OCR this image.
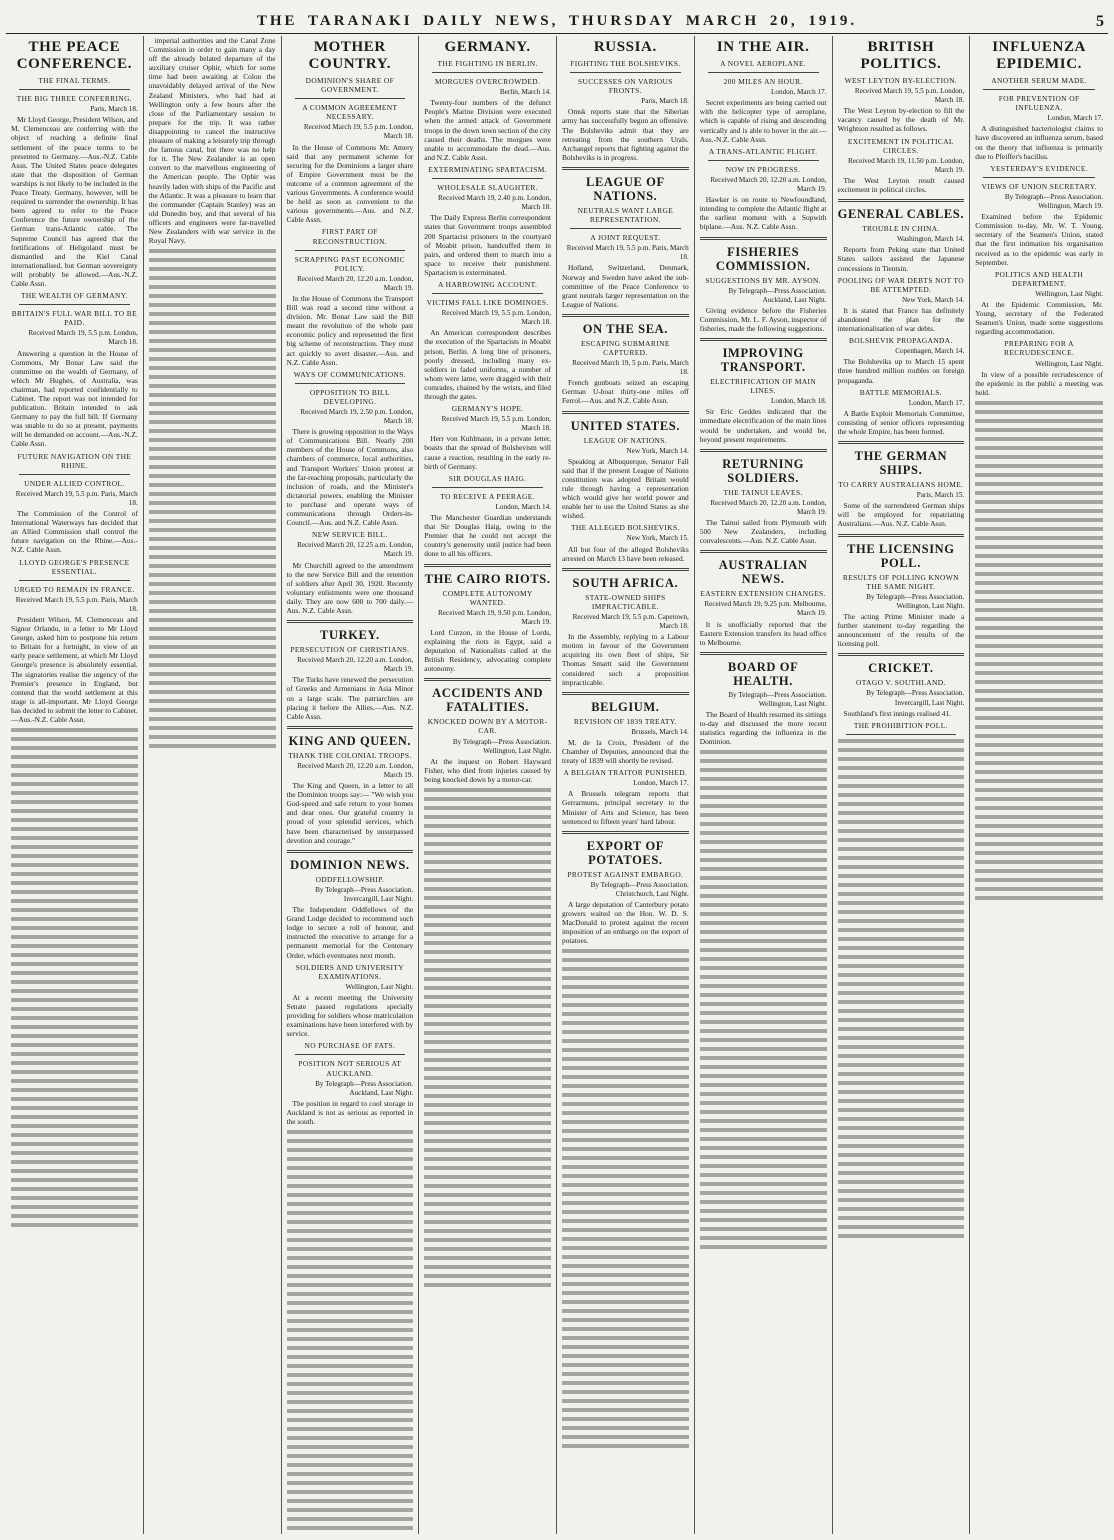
THE TARANAKI DAILY NEWS, THURSDAY MARCH 20, 1919.	5
THE PEACE CONFERENCE.
THE FINAL TERMS.
THE BIG THREE CONFERRING.
Paris, March 18.
Mr Lloyd George, President Wilson, and M. Clemenceau are conferring with the object of reaching a definite final settlement of the peace terms to be presented to Germany.—Aus.-N.Z. Cable Assn. The United States peace delegates state that the disposition of German warships is not likely to be included in the Peace Treaty. Germany, however, will be required to surrender the ownership. It has been agreed to refer to the Peace Conference the future ownership of the German trans-Atlantic cable. The Supreme Council has agreed that the fortifications of Heligoland must be dismantled and the Kiel Canal internationalised, but German sovereignty will probably be allowed.—Aus.-N.Z. Cable Assn.
THE WEALTH OF GERMANY.
BRITAIN'S FULL WAR BILL TO BE PAID.
Received March 19, 5.5 p.m. London, March 18.
Answering a question in the House of Commons, Mr Bonar Law said the committee on the wealth of Germany, of which Mr Hughes, of Australia, was chairman, had reported confidentially to Cabinet. The report was not intended for publication. Britain intended to ask Germany to pay the full bill. If Germany was unable to do so at present, payments will be demanded on account.—Aus.-N.Z. Cable Assn.
FUTURE NAVIGATION ON THE RHINE.
UNDER ALLIED CONTROL.
Received March 19, 5.5 p.m. Paris, March 18.
The Commission of the Control of International Waterways has decided that an Allied Commission shall control the future navigation on the Rhine.—Aus.-N.Z. Cable Assn.
LLOYD GEORGE'S PRESENCE ESSENTIAL.
URGED TO REMAIN IN FRANCE.
Received March 19, 5.5 p.m. Paris, March 18.
President Wilson, M. Clemenceau and Signor Orlando, in a letter to Mr Lloyd George, asked him to postpone his return to Britain for a fortnight, in view of an early peace settlement, at which Mr Lloyd George's presence is absolutely essential. The signatories realise the urgency of the Premier's presence in England, but contend that the world settlement at this stage is all-important. Mr Lloyd George has decided to submit the letter to Cabinet.—Aus.-N.Z. Cable Assn.
imperial authorities and the Canal Zone Commission in order to gain many a day off the already belated departure of the auxiliary cruiser Ophir, which for some time had been awaiting at Colon the unavoidably delayed arrival of the New Zealand Ministers, who had had at Wellington only a few hours after the close of the Parliamentary session to prepare for the trip. It was rather disappointing to cancel the instructive pleasure of making a leisurely trip through the famous canal, but there was no help for it. The New Zealander is an open convert to the marvellous engineering of the American people. The Ophir was heavily laden with ships of the Pacific and the Atlantic. It was a pleasure to learn that the commander (Captain Stanley) was an old Dunedin boy, and that several of his officers and engineers were far-travelled New Zealanders with war service in the Royal Navy.
MOTHER COUNTRY.
DOMINION'S SHARE OF GOVERNMENT.
A COMMON AGREEMENT NECESSARY.
Received March 19, 5.5 p.m. London, March 18.
In the House of Commons Mr. Amery said that any permanent scheme for securing for the Dominions a larger share of Empire Government must be the outcome of a common agreement of the various Governments. A conference would be held as soon as convenient to the various governments.—Aus. and N.Z. Cable Assn.
FIRST PART OF RECONSTRUCTION.
SCRAPPING PAST ECONOMIC POLICY.
Received March 20, 12.20 a.m. London, March 19.
In the House of Commons the Transport Bill was read a second time without a division. Mr. Bonar Law said the Bill meant the revolution of the whole past economic policy and represented the first big scheme of reconstruction. They must act quickly to avert disaster.—Aus. and N.Z. Cable Assn.
WAYS OF COMMUNICATIONS.
OPPOSITION TO BILL DEVELOPING.
Received March 19, 2.50 p.m. London, March 18.
There is growing opposition to the Ways of Communications Bill. Nearly 200 members of the House of Commons, also chambers of commerce, local authorities, and Transport Workers' Union protest at the far-reaching proposals, particularly the inclusion of roads, and the Minister's dictatorial powers, enabling the Minister to purchase and operate ways of communications through Orders-in-Council.—Aus. and N.Z. Cable Assn.
NEW SERVICE BILL.
Received March 20, 12.25 a.m. London, March 19.
Mr Churchill agreed to the amendment to the new Service Bill and the retention of soldiers after April 30, 1920. Recently voluntary enlistments were one thousand daily. They are now 600 to 700 daily.—Aus. N.Z. Cable Assn.
TURKEY.
PERSECUTION OF CHRISTIANS.
Received March 20, 12.20 a.m. London, March 19.
The Turks have renewed the persecution of Greeks and Armenians in Asia Minor on a large scale. The patriarchies are placing it before the Allies.—Aus. N.Z. Cable Assn.
KING AND QUEEN.
THANK THE COLONIAL TROOPS.
Received March 20, 12.20 a.m. London, March 19.
The King and Queen, in a letter to all the Dominion troops say:— "We wish you God-speed and safe return to your homes and dear ones. Our grateful country is proud of your splendid services, which have been characterised by unsurpassed devotion and courage."
DOMINION NEWS.
ODDFELLOWSHIP.
By Telegraph—Press Association. Invercargill, Last Night.
The Independent Oddfellows of the Grand Lodge decided to recommend such lodge to secure a roll of honour, and instructed the executive to arrange for a permanent memorial for the Centenary Order, which eventuates next month.
SOLDIERS AND UNIVERSITY EXAMINATIONS.
Wellington, Last Night.
At a recent meeting the University Senate passed regulations specially providing for soldiers whose matriculation examinations have been interfered with by service.
NO PURCHASE OF FATS.
POSITION NOT SERIOUS AT AUCKLAND.
By Telegraph—Press Association. Auckland, Last Night.
The position in regard to cool storage in Auckland is not as serious as reported in the south.
GERMANY.
THE FIGHTING IN BERLIN.
MORGUES OVERCROWDED.
Berlin, March 14.
Twenty-four numbers of the defunct People's Marine Division were executed when the armed attack of Government troops in the down town section of the city caused their deaths. The morgues were unable to accommodate the dead.—Aus. and N.Z. Cable Assn.
EXTERMINATING SPARTACISM.
WHOLESALE SLAUGHTER.
Received March 19, 2.40 p.m. London, March 18.
The Daily Express Berlin correspondent states that Government troops assembled 200 Spartacist prisoners in the courtyard of Moabit prison, handcuffed them in pairs, and ordered them to march into a space to receive their punishment. Spartacism is exterminated.
A HARROWING ACCOUNT.
VICTIMS FALL LIKE DOMINOES.
Received March 19, 5.5 p.m. London, March 18.
An American correspondent describes the execution of the Spartacists in Moabit prison, Berlin. A long line of prisoners, poorly dressed, including many ex-soldiers in faded uniforms, a number of whom were lame, were dragged with their comrades, chained by the wrists, and filed through the gates.
GERMANY'S HOPE.
Received March 19, 5.5 p.m. London, March 18.
Herr von Kuhlmann, in a private letter, boasts that the spread of Bolshevism will cause a reaction, resulting in the early re-birth of Germany.
SIR DOUGLAS HAIG.
TO RECEIVE A PEERAGE.
London, March 14.
The Manchester Guardian understands that Sir Douglas Haig, owing to the Premier that he could not accept the country's generosity until justice had been done to all his officers.
THE CAIRO RIOTS.
COMPLETE AUTONOMY WANTED.
Received March 19, 9.50 p.m. London, March 19.
Lord Curzon, in the House of Lords, explaining the riots in Egypt, said a deputation of Nationalists called at the British Residency, advocating complete autonomy.
ACCIDENTS AND FATALITIES.
KNOCKED DOWN BY A MOTOR-CAR.
By Telegraph—Press Association. Wellington, Last Night.
At the inquest on Robert Hayward Fisher, who died from injuries caused by being knocked down by a motor-car.
RUSSIA.
FIGHTING THE BOLSHEVIKS.
SUCCESSES ON VARIOUS FRONTS.
Paris, March 18.
Omsk reports state that the Siberian army has successfully begun an offensive. The Bolsheviks admit that they are retreating from the southern Urals. Archangel reports that fighting against the Bolsheviks is in progress.
LEAGUE OF NATIONS.
NEUTRALS WANT LARGE REPRESENTATION.
A JOINT REQUEST.
Received March 19, 5.5 p.m. Paris, March 18.
Holland, Switzerland, Denmark, Norway and Sweden have asked the sub-committee of the Peace Conference to grant neutrals larger representation on the League of Nations.
ON THE SEA.
ESCAPING SUBMARINE CAPTURED.
Received March 19, 5 p.m. Paris, March 18.
French gunboats seized an escaping German U-boat thirty-one miles off Ferrol.—Aus. and N.Z. Cable Assn.
UNITED STATES.
LEAGUE OF NATIONS.
New York, March 14.
Speaking at Albuquerque, Senator Fall said that if the present League of Nations constitution was adopted Britain would rule through having a representation which would give her world power and enable her to use the United States as she wished.
THE ALLEGED BOLSHEVIKS.
New York, March 15.
All but four of the alleged Bolsheviks arrested on March 13 have been released.
SOUTH AFRICA.
STATE-OWNED SHIPS IMPRACTICABLE.
Received March 19, 5.5 p.m. Capetown, March 18.
In the Assembly, replying to a Labour motion in favour of the Government acquiring its own fleet of ships, Sir Thomas Smartt said the Government considered such a proposition impracticable.
BELGIUM.
REVISION OF 1839 TREATY.
Brussels, March 14.
M. de la Croix, President of the Chamber of Deputies, announced that the treaty of 1839 will shortly be revised.
A BELGIAN TRAITOR PUNISHED.
London, March 17.
A Brussels telegram reports that Gerrarmuns, principal secretary to the Minister of Arts and Science, has been sentenced to fifteen years' hard labour.
EXPORT OF POTATOES.
PROTEST AGAINST EMBARGO.
By Telegraph—Press Association. Christchurch, Last Night.
A large deputation of Canterbury potato growers waited on the Hon. W. D. S. MacDonald to protest against the recent imposition of an embargo on the export of potatoes.
IN THE AIR.
A NOVEL AEROPLANE.
200 MILES AN HOUR.
London, March 17.
Secret experiments are being carried out with the helicopter type of aeroplane, which is capable of rising and descending vertically and is able to hover in the air.—Aus.-N.Z. Cable Assn.
A TRANS-ATLANTIC FLIGHT.
NOW IN PROGRESS.
Received March 20, 12.20 a.m. London, March 19.
Hawker is on route to Newfoundland, intending to complete the Atlantic flight at the earliest moment with a Sopwith biplane.—Aus. N.Z. Cable Assn.
FISHERIES COMMISSION.
SUGGESTIONS BY MR. AYSON.
By Telegraph—Press Association. Auckland, Last Night.
Giving evidence before the Fisheries Commission, Mr. L. F. Ayson, inspector of fisheries, made the following suggestions.
IMPROVING TRANSPORT.
ELECTRIFICATION OF MAIN LINES.
London, March 18.
Sir Eric Geddes indicated that the immediate electrification of the main lines would be undertaken, and would be, beyond present requirements.
RETURNING SOLDIERS.
THE TAINUI LEAVES.
Received March 20, 12.20 a.m. London, March 19.
The Tainui sailed from Plymouth with 500 New Zealanders, including convalescents.—Aus. N.Z. Cable Assn.
AUSTRALIAN NEWS.
EASTERN EXTENSION CHANGES.
Received March 19, 9.25 p.m. Melbourne, March 19.
It is unofficially reported that the Eastern Extension transfers its head office to Melbourne.
BOARD OF HEALTH.
By Telegraph—Press Association. Wellington, Last Night.
The Board of Health resumed its sittings to-day and discussed the more recent statistics regarding the influenza in the Dominion.
BRITISH POLITICS.
WEST LEYTON BY-ELECTION.
Received March 19, 5.5 p.m. London, March 18.
The West Leyton by-election to fill the vacancy caused by the death of Mr. Wrightson resulted as follows.
EXCITEMENT IN POLITICAL CIRCLES.
Received March 19, 11.50 p.m. London, March 19.
The West Leyton result caused excitement in political circles.
GENERAL CABLES.
TROUBLE IN CHINA.
Washington, March 14.
Reports from Peking state that United States sailors assisted the Japanese concessions in Tientsin.
POOLING OF WAR DEBTS NOT TO BE ATTEMPTED.
New York, March 14.
It is stated that France has definitely abandoned the plan for the internationalisation of war debts.
BOLSHEVIK PROPAGANDA.
Copenhagen, March 14.
The Bolsheviks up to March 15 spent three hundred million roubles on foreign propaganda.
BATTLE MEMORIALS.
London, March 17.
A Battle Exploit Memorials Committee, consisting of senior officers representing the whole Empire, has been formed.
THE GERMAN SHIPS.
TO CARRY AUSTRALIANS HOME.
Paris, March 15.
Some of the surrendered German ships will be employed for repatriating Australians.—Aus. N.Z. Cable Assn.
THE LICENSING POLL.
RESULTS OF POLLING KNOWN THE SAME NIGHT.
By Telegraph—Press Association. Wellington, Last Night.
The acting Prime Minister made a further statement to-day regarding the announcement of the results of the licensing poll.
CRICKET.
OTAGO V. SOUTHLAND.
By Telegraph—Press Association. Invercargill, Last Night.
Southland's first innings realised 41.
THE PROHIBITION POLL.
INFLUENZA EPIDEMIC.
ANOTHER SERUM MADE.
FOR PREVENTION OF INFLUENZA.
London, March 17.
A distinguished bacteriologist claims to have discovered an influenza serum, based on the theory that influenza is primarily due to Pfeiffer's bacillus.
YESTERDAY'S EVIDENCE.
VIEWS OF UNION SECRETARY.
By Telegraph—Press Association. Wellington, March 19.
Examined before the Epidemic Commission to-day, Mr. W. T. Young, secretary of the Seamen's Union, stated that the first intimation his organisation received as to the epidemic was early in September.
POLITICS AND HEALTH DEPARTMENT.
Wellington, Last Night.
At the Epidemic Commission, Mr. Young, secretary of the Federated Seamen's Union, made some suggestions regarding accommodation.
PREPARING FOR A RECRUDESCENCE.
Wellington, Last Night.
In view of a possible recrudescence of the epidemic in the public a meeting was held.
